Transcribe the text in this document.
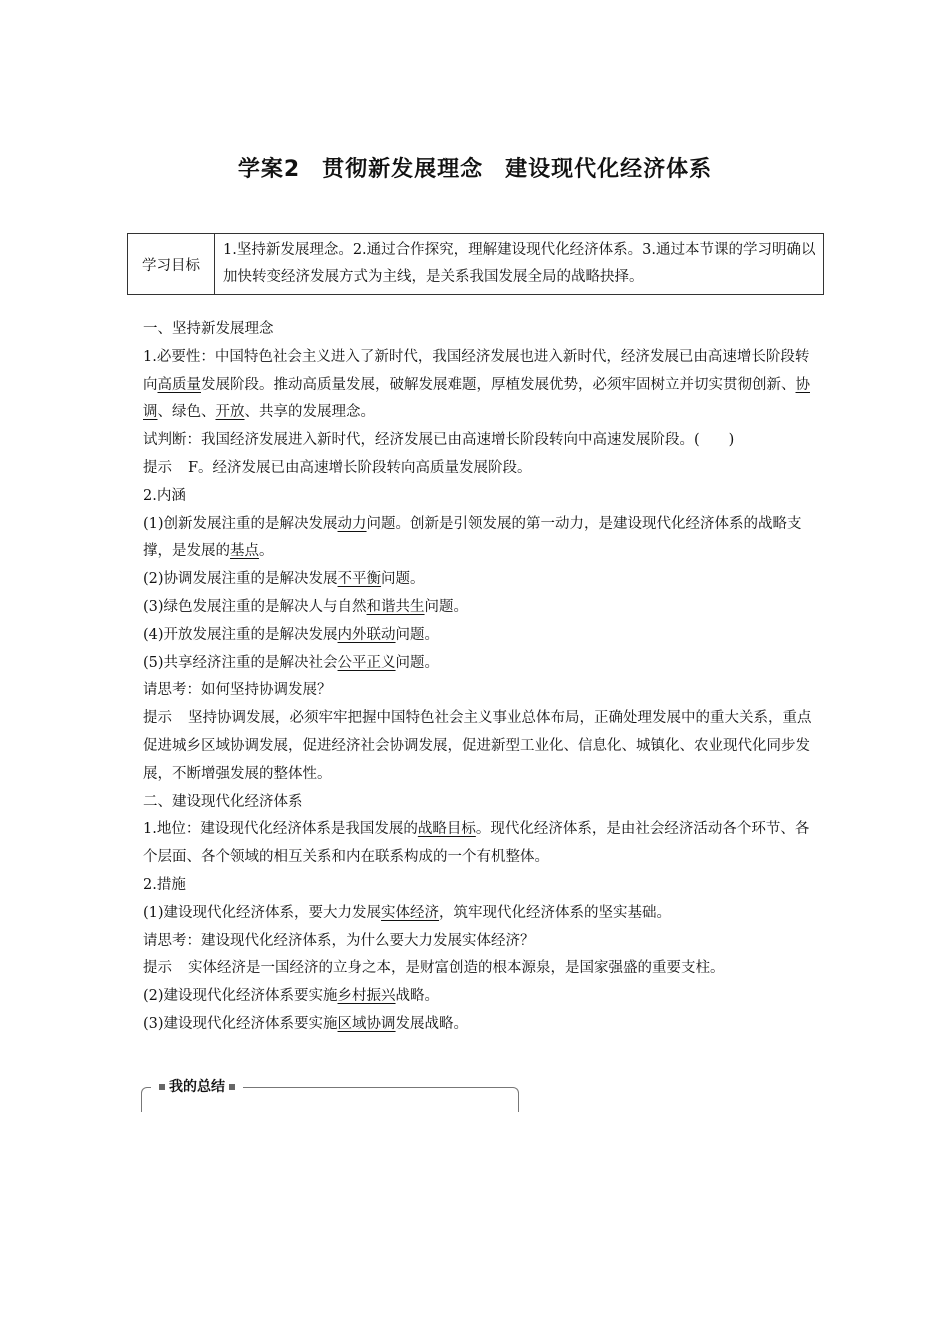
学案2 贯彻新发展理念 建设现代化经济体系
学习目标	1.坚持新发展理念。2.通过合作探究，理解建设现代化经济体系。3.通过本节课的学习明确以加快转变经济发展方式为主线，是关系我国发展全局的战略抉择。

一、坚持新发展理念

1.必要性：中国特色社会主义进入了新时代，我国经济发展也进入新时代，经济发展已由高速增长阶段转向高质量发展阶段。推动高质量发展，破解发展难题，厚植发展优势，必须牢固树立并切实贯彻创新、协调、绿色、开放、共享的发展理念。

试判断：我国经济发展进入新时代，经济发展已由高速增长阶段转向中高速发展阶段。(　　)

提示 F。经济发展已由高速增长阶段转向高质量发展阶段。

2.内涵

(1)创新发展注重的是解决发展动力问题。创新是引领发展的第一动力，是建设现代化经济体系的战略支撑，是发展的基点。

(2)协调发展注重的是解决发展不平衡问题。

(3)绿色发展注重的是解决人与自然和谐共生问题。

(4)开放发展注重的是解决发展内外联动问题。

(5)共享经济注重的是解决社会公平正义问题。

请思考：如何坚持协调发展？

提示 坚持协调发展，必须牢牢把握中国特色社会主义事业总体布局，正确处理发展中的重大关系，重点促进城乡区域协调发展，促进经济社会协调发展，促进新型工业化、信息化、城镇化、农业现代化同步发展，不断增强发展的整体性。

二、建设现代化经济体系

1.地位：建设现代化经济体系是我国发展的战略目标。现代化经济体系，是由社会经济活动各个环节、各个层面、各个领域的相互关系和内在联系构成的一个有机整体。

2.措施

(1)建设现代化经济体系，要大力发展实体经济，筑牢现代化经济体系的坚实基础。

请思考：建设现代化经济体系，为什么要大力发展实体经济？

提示 实体经济是一国经济的立身之本，是财富创造的根本源泉，是国家强盛的重要支柱。

(2)建设现代化经济体系要实施乡村振兴战略。

(3)建设现代化经济体系要实施区域协调发展战略。

我的总结
